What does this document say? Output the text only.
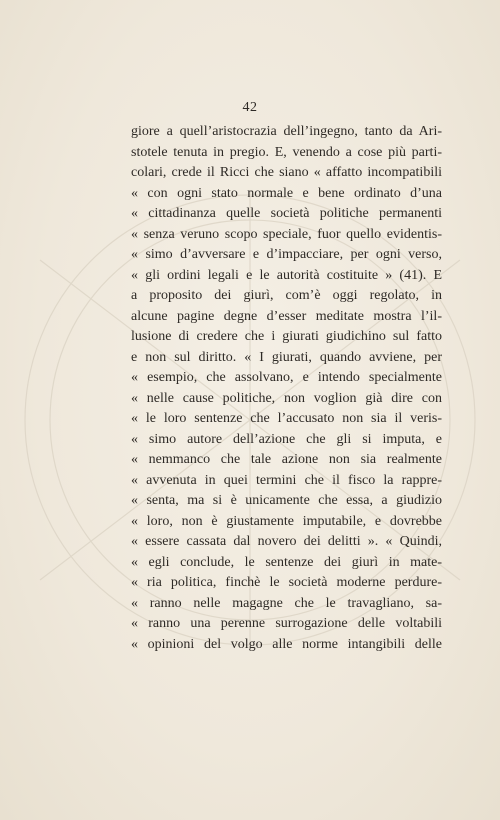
42
giore a quell’aristocrazia dell’ingegno, tanto da Ari-
stotele tenuta in pregio. E, venendo a cose più parti-
colari, crede il Ricci che siano « affatto incompatibili
« con ogni stato normale e bene ordinato d’una
« cittadinanza quelle società politiche permanenti
« senza veruno scopo speciale, fuor quello evidentis-
« simo d’avversare e d’impacciare, per ogni verso,
« gli ordini legali e le autorità costituite » (41). E
a proposito dei giurì, com’è oggi regolato, in
alcune pagine degne d’esser meditate mostra l’il-
lusione di credere che i giurati giudichino sul fatto
e non sul diritto. « I giurati, quando avviene, per
« esempio, che assolvano, e intendo specialmente
« nelle cause politiche, non voglion già dire con
« le loro sentenze che l’accusato non sia il veris-
« simo autore dell’azione che gli si imputa, e
« nemmanco che tale azione non sia realmente
« avvenuta in quei termini che il fisco la rappre-
« senta, ma si è unicamente che essa, a giudizio
« loro, non è giustamente imputabile, e dovrebbe
« essere cassata dal novero dei delitti ». « Quindi,
« egli conclude, le sentenze dei giurì in mate-
« ria politica, finchè le società moderne perdure-
« ranno nelle magagne che le travagliano, sa-
« ranno una perenne surrogazione delle voltabili
« opinioni del volgo alle norme intangibili delle
